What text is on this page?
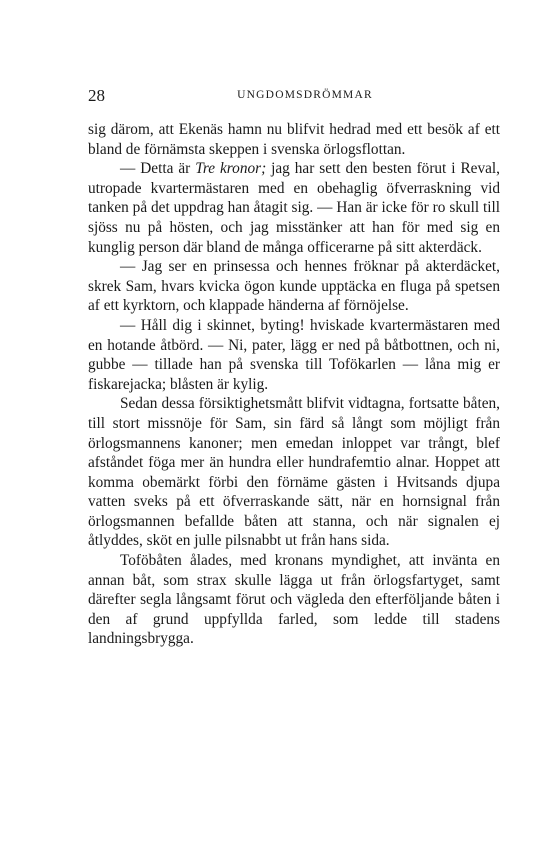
28	UNGDOMSDRÖMMAR

sig därom, att Ekenäs hamn nu blifvit hedrad med ett besök af ett bland de förnämsta skeppen i svenska örlogsflottan.

— Detta är Tre kronor; jag har sett den besten förut i Reval, utropade kvartermästaren med en obehaglig öfverraskning vid tanken på det uppdrag han åtagit sig. — Han är icke för ro skull till sjöss nu på hösten, och jag misstänker att han för med sig en kunglig person där bland de många officerarne på sitt akterdäck.

— Jag ser en prinsessa och hennes fröknar på akterdäcket, skrek Sam, hvars kvicka ögon kunde upptäcka en fluga på spetsen af ett kyrktorn, och klappade händerna af förnöjelse.

— Håll dig i skinnet, byting! hviskade kvartermästaren med en hotande åtbörd. — Ni, pater, lägg er ned på båtbottnen, och ni, gubbe — tillade han på svenska till Tofökarlen — låna mig er fiskarejacka; blåsten är kylig.

Sedan dessa försiktighetsmått blifvit vidtagna, fortsatte båten, till stort missnöje för Sam, sin färd så långt som möjligt från örlogsmannens kanoner; men emedan inloppet var trångt, blef afståndet föga mer än hundra eller hundrafemtio alnar. Hoppet att komma obemärkt förbi den förnäme gästen i Hvitsands djupa vatten sveks på ett öfverraskande sätt, när en hornsignal från örlogsmannen befallde båten att stanna, och när signalen ej åtlyddes, sköt en julle pilsnabbt ut från hans sida.

Toföbåten ålades, med kronans myndighet, att invänta en annan båt, som strax skulle lägga ut från örlogsfartyget, samt därefter segla långsamt förut och vägleda den efterföljande båten i den af grund uppfyllda farled, som ledde till stadens landningsbrygga.
